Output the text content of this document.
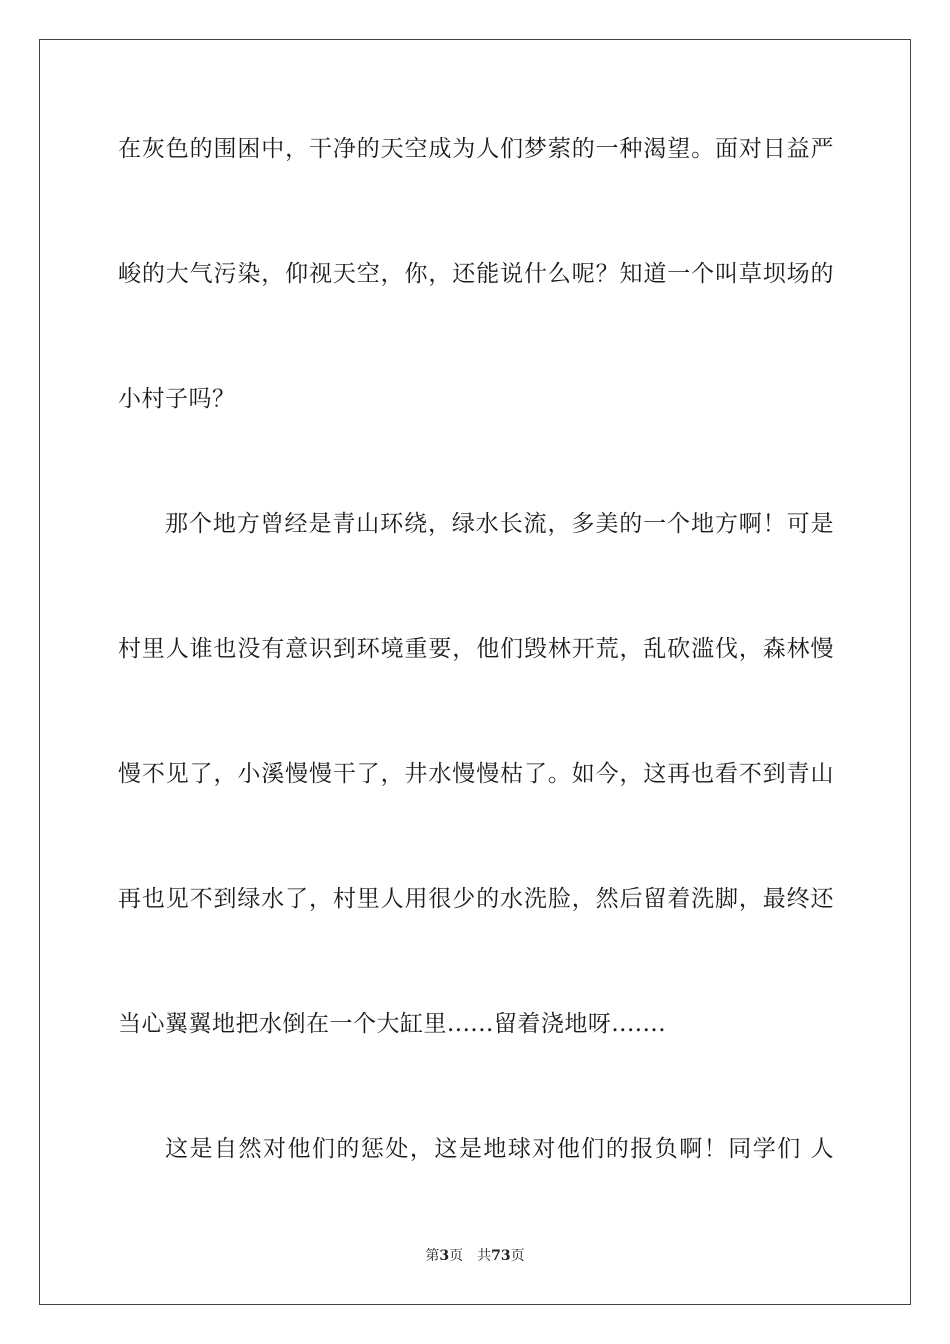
在灰色的围困中，干净的天空成为人们梦萦的一种渴望。面对日益严
峻的大气污染，仰视天空，你，还能说什么呢？知道一个叫草坝场的
小村子吗？
那个地方曾经是青山环绕，绿水长流，多美的一个地方啊！可是
村里人谁也没有意识到环境重要，他们毁林开荒，乱砍滥伐，森林慢
慢不见了，小溪慢慢干了，井水慢慢枯了。如今，这再也看不到青山
再也见不到绿水了，村里人用很少的水洗脸，然后留着洗脚，最终还
当心翼翼地把水倒在一个大缸里......留着浇地呀.......
这是自然对他们的惩处，这是地球对他们的报负啊！同学们 人
第3页 共73页
